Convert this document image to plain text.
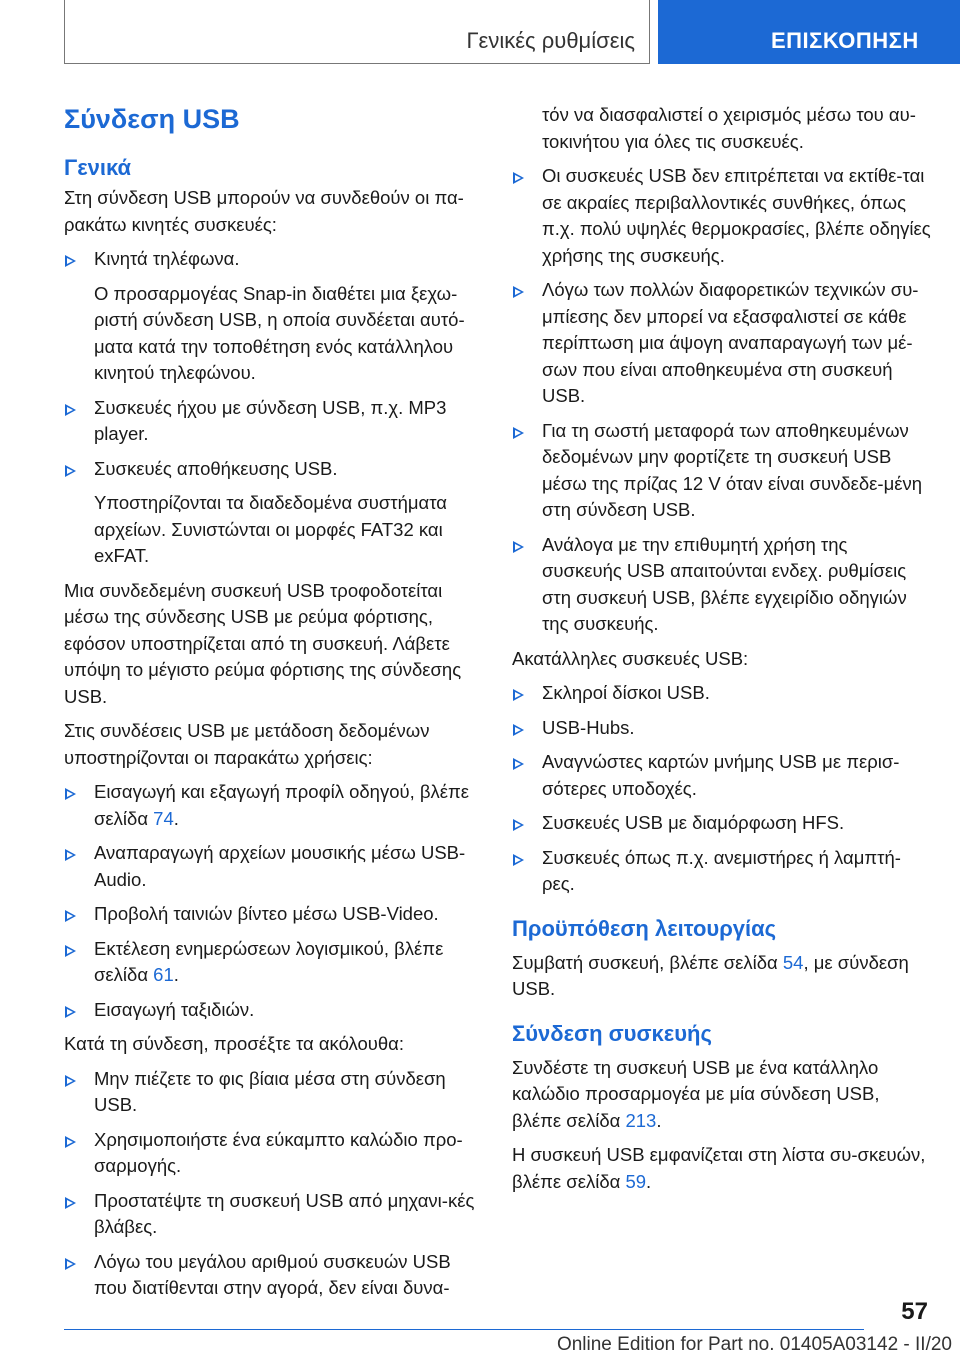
Γενικές ρυθμίσεις	ΕΠΙΣΚΟΠΗΣΗ
Σύνδεση USB
Γενικά

Στη σύνδεση USB μπορούν να συνδεθούν οι πα-ρακάτω κινητές συσκευές:

Κινητά τηλέφωνα.
Ο προσαρμογέας Snap-in διαθέτει μια ξεχω-ριστή σύνδεση USB, η οποία συνδέεται αυτό-ματα κατά την τοποθέτηση ενός κατάλληλου κινητού τηλεφώνου.
Συσκευές ήχου με σύνδεση USB, π.χ. MP3 player.
Συσκευές αποθήκευσης USB.
Υποστηρίζονται τα διαδεδομένα συστήματα αρχείων. Συνιστώνται οι μορφές FAT32 και exFAT.

Μια συνδεδεμένη συσκευή USB τροφοδοτείται μέσω της σύνδεσης USB με ρεύμα φόρτισης, εφόσον υποστηρίζεται από τη συσκευή. Λάβετε υπόψη το μέγιστο ρεύμα φόρτισης της σύνδεσης USB.

Στις συνδέσεις USB με μετάδοση δεδομένων υποστηρίζονται οι παρακάτω χρήσεις:

Εισαγωγή και εξαγωγή προφίλ οδηγού, βλέπε σελίδα 74.
Αναπαραγωγή αρχείων μουσικής μέσω USB-Audio.
Προβολή ταινιών βίντεο μέσω USB-Video.
Εκτέλεση ενημερώσεων λογισμικού, βλέπε σελίδα 61.
Εισαγωγή ταξιδιών.

Κατά τη σύνδεση, προσέξτε τα ακόλουθα:

Μην πιέζετε το φις βίαια μέσα στη σύνδεση USB.
Χρησιμοποιήστε ένα εύκαμπτο καλώδιο προ-σαρμογής.
Προστατέψτε τη συσκευή USB από μηχανι-κές βλάβες.
Λόγω του μεγάλου αριθμού συσκευών USB που διατίθενται στην αγορά, δεν είναι δυνα-
τόν να διασφαλιστεί ο χειρισμός μέσω του αυ-τοκινήτου για όλες τις συσκευές.
Οι συσκευές USB δεν επιτρέπεται να εκτίθε-ται σε ακραίες περιβαλλοντικές συνθήκες, όπως π.χ. πολύ υψηλές θερμοκρασίες, βλέπε οδηγίες χρήσης της συσκευής.
Λόγω των πολλών διαφορετικών τεχνικών συ-μπίεσης δεν μπορεί να εξασφαλιστεί σε κάθε περίπτωση μια άψογη αναπαραγωγή των μέ-σων που είναι αποθηκευμένα στη συσκευή USB.
Για τη σωστή μεταφορά των αποθηκευμένων δεδομένων μην φορτίζετε τη συσκευή USB μέσω της πρίζας 12 V όταν είναι συνδεδε-μένη στη σύνδεση USB.
Ανάλογα με την επιθυμητή χρήση της συσκευής USB απαιτούνται ενδεχ. ρυθμίσεις στη συσκευή USB, βλέπε εγχειρίδιο οδηγιών της συσκευής.

Ακατάλληλες συσκευές USB:

Σκληροί δίσκοι USB.
USB-Hubs.
Αναγνώστες καρτών μνήμης USB με περισ-σότερες υποδοχές.
Συσκευές USB με διαμόρφωση HFS.
Συσκευές όπως π.χ. ανεμιστήρες ή λαμπτή-ρες.
Προϋπόθεση λειτουργίας

Συμβατή συσκευή, βλέπε σελίδα 54, με σύνδεση USB.

Σύνδεση συσκευής

Συνδέστε τη συσκευή USB με ένα κατάλληλο καλώδιο προσαρμογέα με μία σύνδεση USB, βλέπε σελίδα 213.

Η συσκευή USB εμφανίζεται στη λίστα συ-σκευών, βλέπε σελίδα 59.

57
Online Edition for Part no. 01405A03142 - II/20
